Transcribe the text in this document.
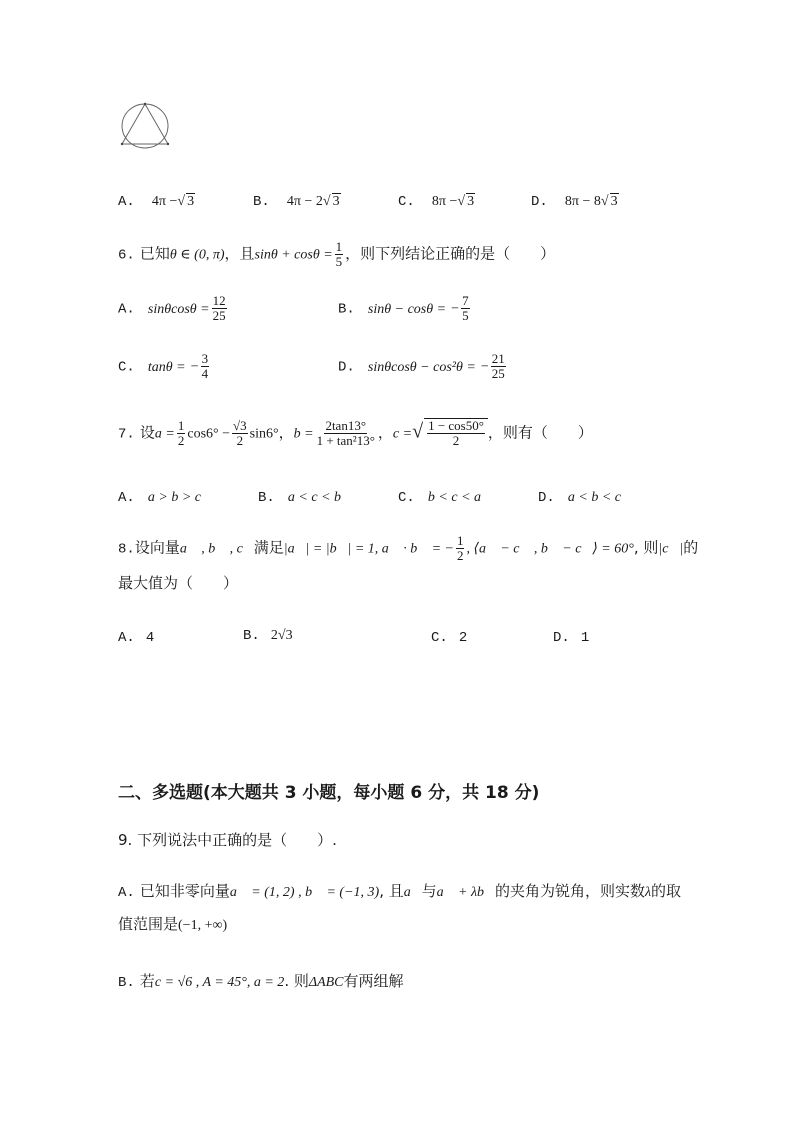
A. 4π −√ 3	B. 4π − 2√ 3	C. 8π −√ 3	D. 8π − 8√ 3
6. 已知θ ∈ (0, π)，且$\sin\theta + \cos\theta = \frac{1}{5}$ ，则下列结论正确的是（　　）
A. $\sin\theta\cos\theta = \frac{12}{25}$	B. sinθ − cosθ = − $\frac{7}{5}$
C. tanθ = − $\frac{3}{4}$	D. sinθcosθ − cos²θ = − $\frac{21}{25}$
7. 设$a = \frac{1}{2} \cos 6^\circ - \frac{√3}{2} \sin 6^\circ$，$b = \frac{2\tan 13^\circ}{\text{1 + tan²13°}}$ ，c =√ $\frac{1 - \cos 50^\circ}{2}$ ，则有（　　）
A. a > b > c	B. a < c < b	C. b < c < a	D. a < b < c
8.设向量a⃗ , b⃗ , c⃗满足|a⃗| = |b⃗| = 1, a⃗ · b⃗ = − $\frac{1}{2}$ , ⟨a⃗ − c⃗ , b⃗ − c⃗⟩ = 60°, 则|c⃗|的
最大值为（　　）
A. 4	B. 2√3	C. 2	D. 1
二、多选题(本大题共 3 小题，每小题 6 分，共 18 分)
9. 下列说法中正确的是（　　）.
A. 已知非零向量a⃗ = (1, 2) , b⃗ = (−1, 3), 且a⃗与a⃗ + λb⃗的夹角为锐角，则实数λ的取
值范围是(−1, +∞)
B. 若c = √6 , A = 45°, a = 2. 则ΔABC有两组解
